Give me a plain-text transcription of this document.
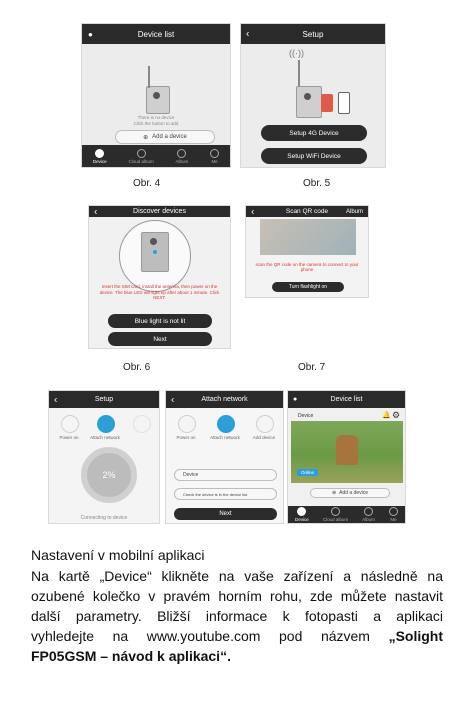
●	Device list
There is no device
Click the button to add
⊕ Add a device
Device	Cloud album	Album	Me
‹	Setup
((·))
Setup 4G Device
Setup WiFi Device
Obr. 4	Obr. 5
‹	Discover devices
Insert the SIM card, install the antenna, then power on the device. The blue LED will light up after about 1 minute. Click NEXT.
Blue light is not lit
Next
‹	Scan QR code	Album
scan the QR code on the camera to connect to your phone
Turn flashlight on
Obr. 6	Obr. 7
‹	Setup
Power on	Attach network
2%
Connecting to device
‹	Attach network
Power on	Attach network	Add device
Device
Check the device is in the device list
Next
●	Device list
Device	⚙
🔔
Online
⊕ Add a device
Device	Cloud album	Album	Me
Nastavení v mobilní aplikaci
Na kartě „Device“ klikněte na vaše zařízení a následně na
ozubené kolečko v pravém horním rohu, zde můžete nastavit
další parametry. Bližší informace k fotopasti a aplikaci
vyhledejte na www.youtube.com pod názvem „Solight
FP05GSM – návod k aplikaci“.
